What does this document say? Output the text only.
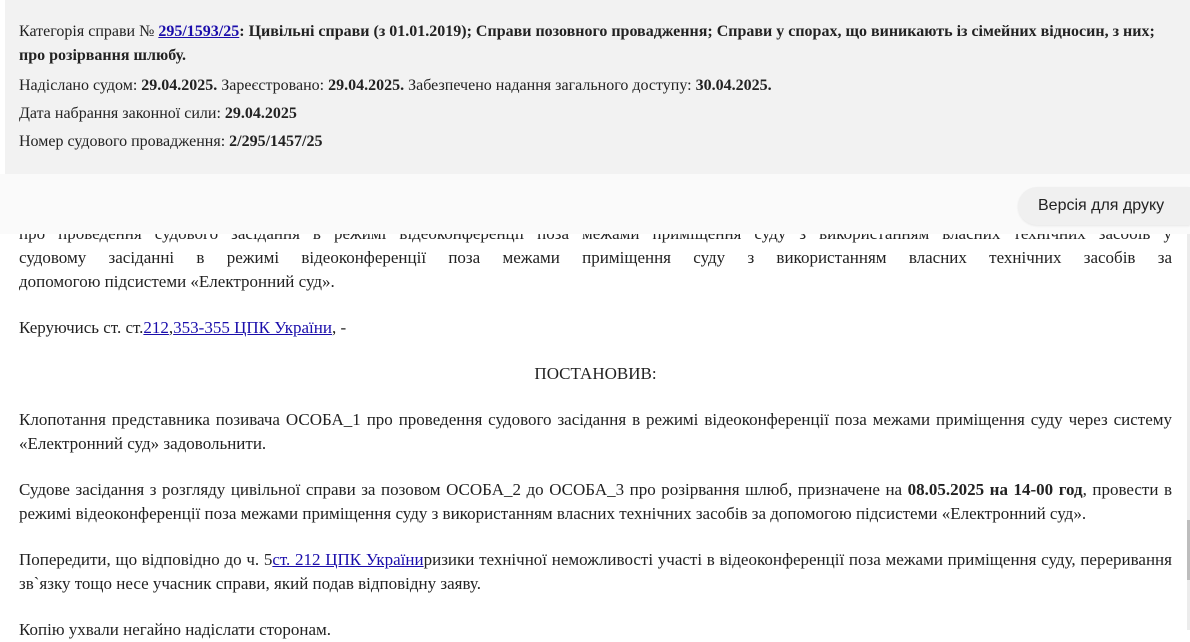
судовому засіданні в режимі відеоконференції поза межами приміщення суду з використанням власних технічних засобів за

допомогою підсистеми «Електронний суд».

Керуючись ст. ст.212,353-355 ЦПК України, -

ПОСТАНОВИВ:

Клопотання представника позивача ОСОБА_1 про проведення судового засідання в режимі відеоконференції поза межами приміщення суду через систему «Електронний суд» задовольнити.

Судове засідання з розгляду цивільної справи за позовом ОСОБА_2 до ОСОБА_3 про розірвання шлюб, призначене на 08.05.2025 на 14-00 год, провести в режимі відеоконференції поза межами приміщення суду з використанням власних технічних засобів за допомогою підсистеми «Електронний суд».

Попередити, що відповідно до ч. 5ст. 212 ЦПК Україниризики технічної неможливості участі в відеоконференції поза межами приміщення суду, переривання зв`язку тощо несе учасник справи, який подав відповідну заяву.

Копію ухвали негайно надіслати сторонам.

Категорія справи № 295/1593/25: Цивільні справи (з 01.01.2019); Справи позовного провадження; Справи у спорах, що виникають із сімейних відносин, з них; про розірвання шлюбу.
Надіслано судом: 29.04.2025. Зареєстровано: 29.04.2025. Забезпечено надання загального доступу: 30.04.2025.
Дата набрання законної сили: 29.04.2025
Номер судового провадження: 2/295/1457/25
Версія для друку
